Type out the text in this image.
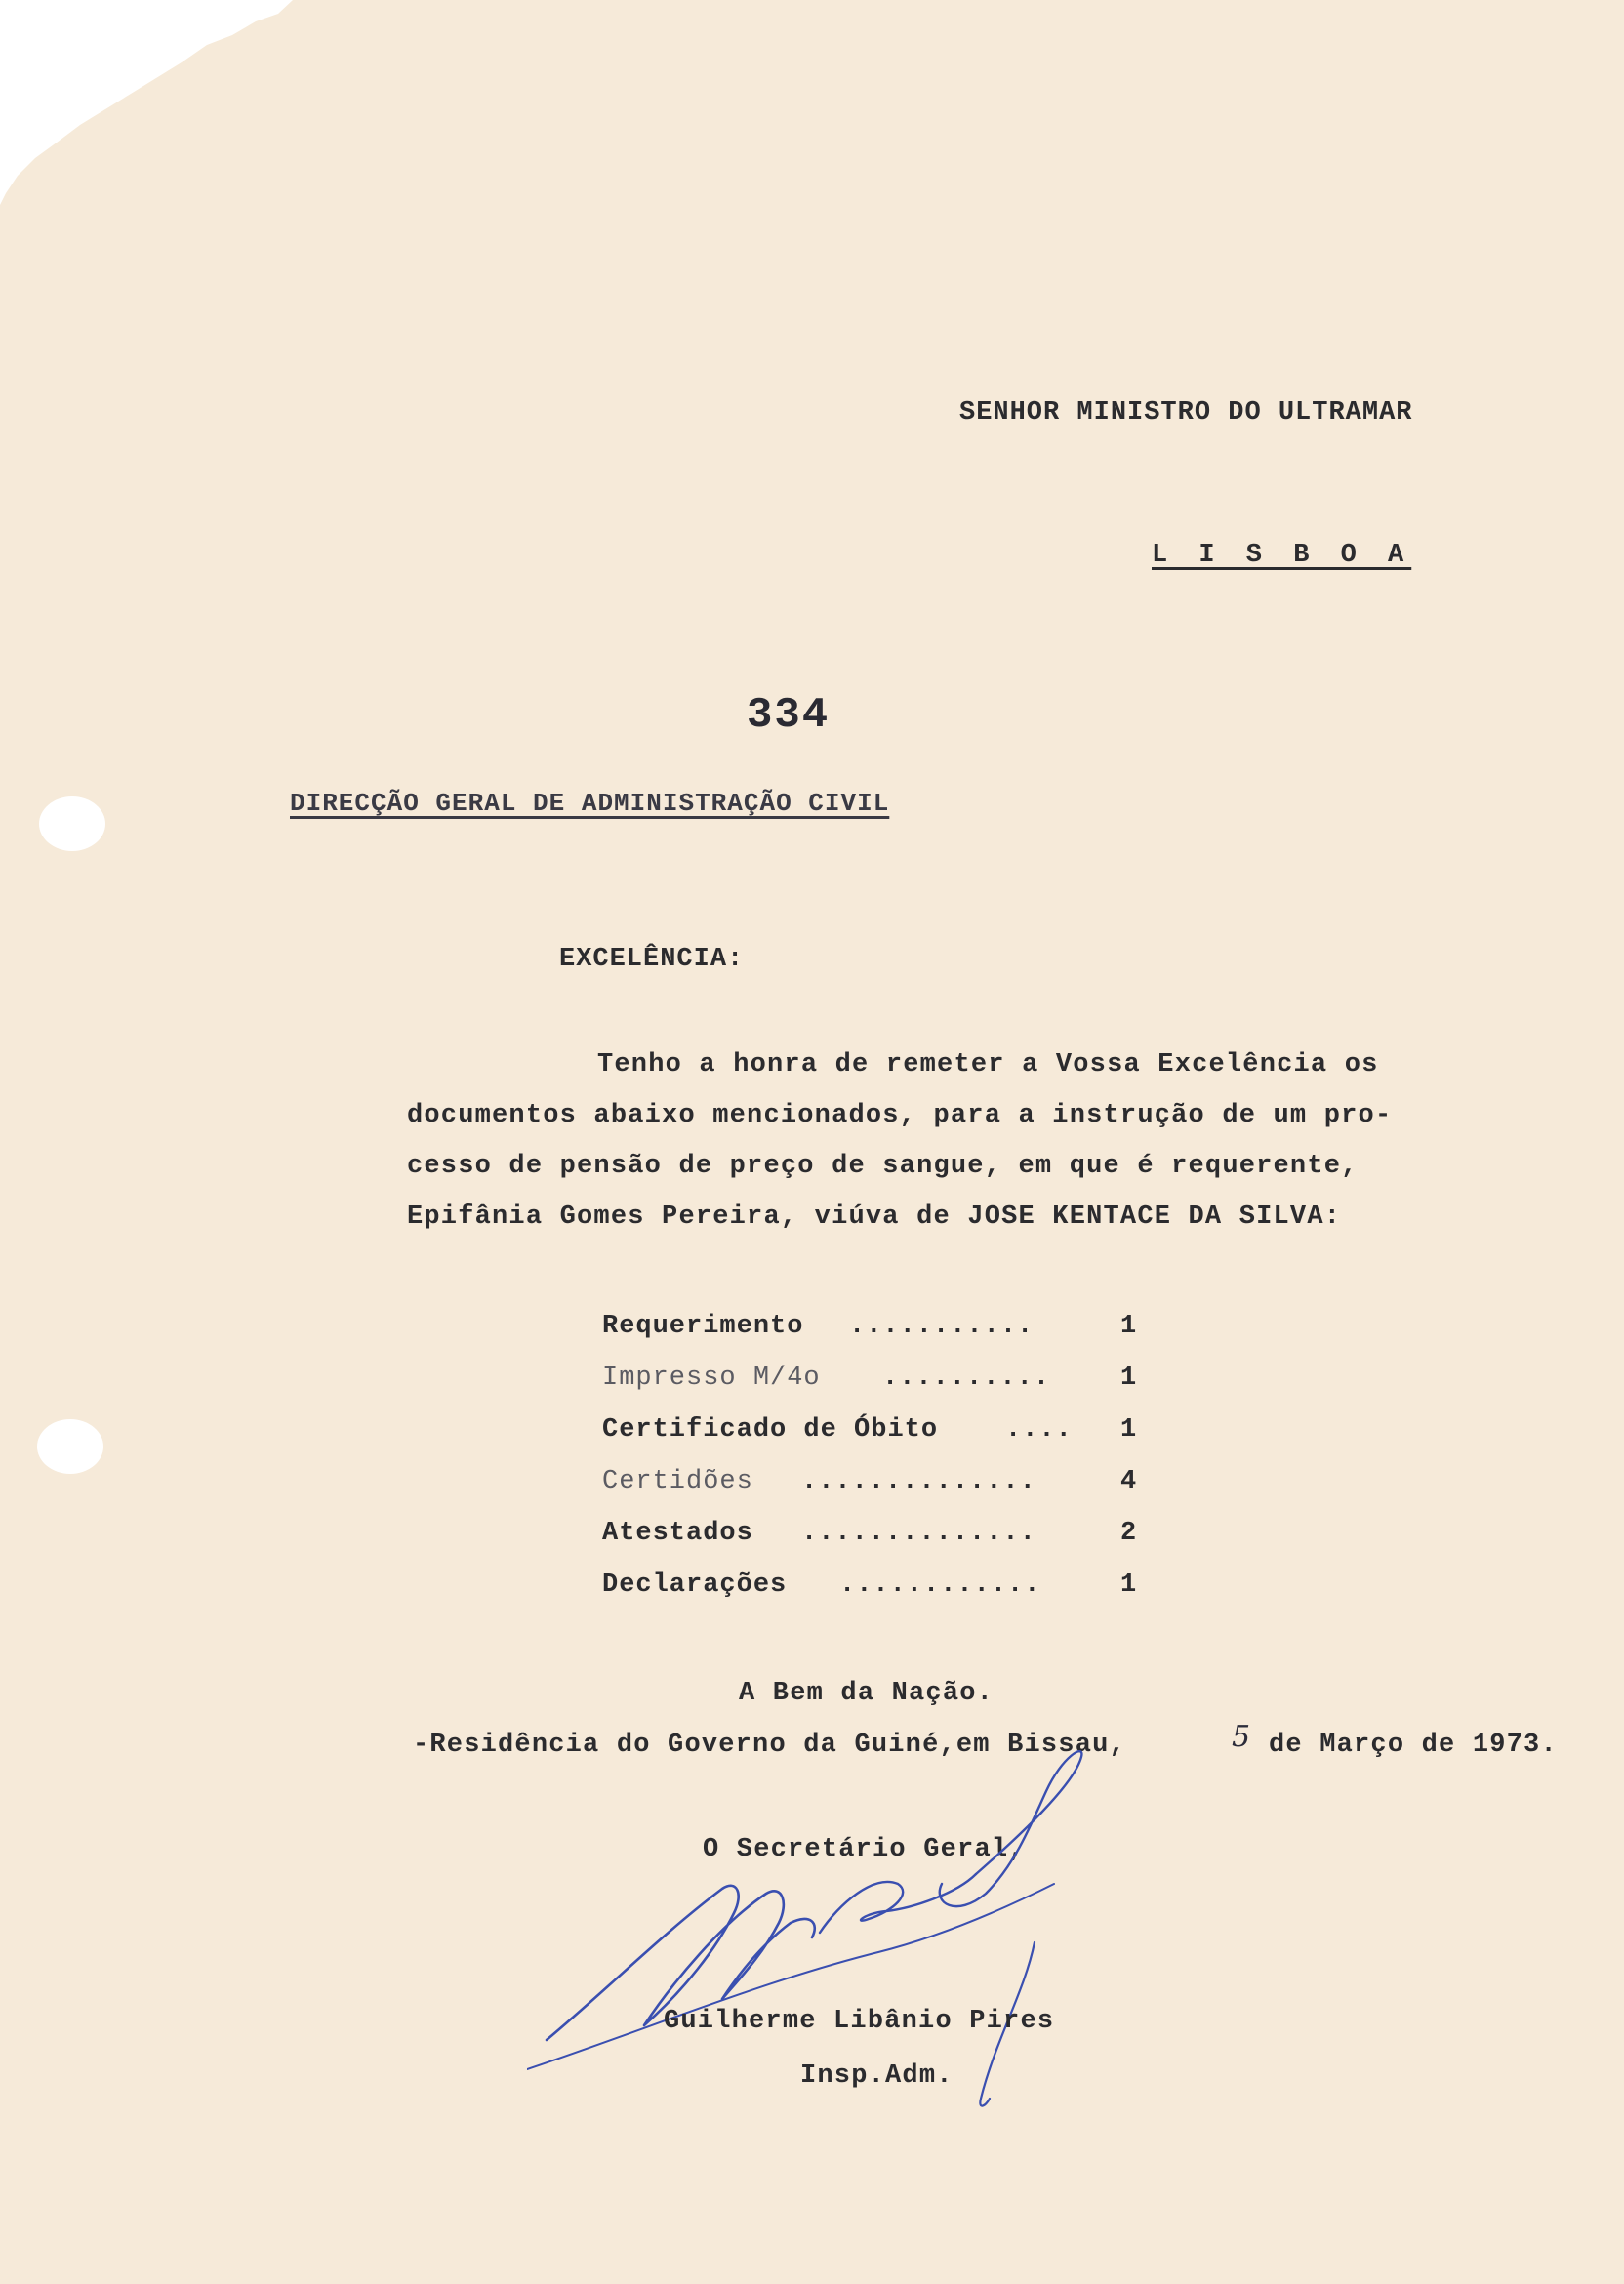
SENHOR MINISTRO DO ULTRAMAR
L I S B O A
334
DIRECÇÃO GERAL DE ADMINISTRAÇÃO CIVIL
EXCELÊNCIA:
Tenho a honra de remeter a Vossa Excelência os
documentos abaixo mencionados, para a instrução de um pro-
cesso de pensão de preço de sangue, em que é requerente,
Epifânia Gomes Pereira, viúva de JOSE KENTACE DA SILVA:
Requerimento ...........	1
Impresso M/4o ..........	1
Certificado de Óbito	.... 1
Certidões ..............	4
Atestados ..............	2
Declarações ............	1
A Bem da Nação.
-Residência do Governo da Guiné,em Bissau,	5 de Março de 1973.
O Secretário Geral,
Guilherme Libânio Pires
Insp.Adm.
